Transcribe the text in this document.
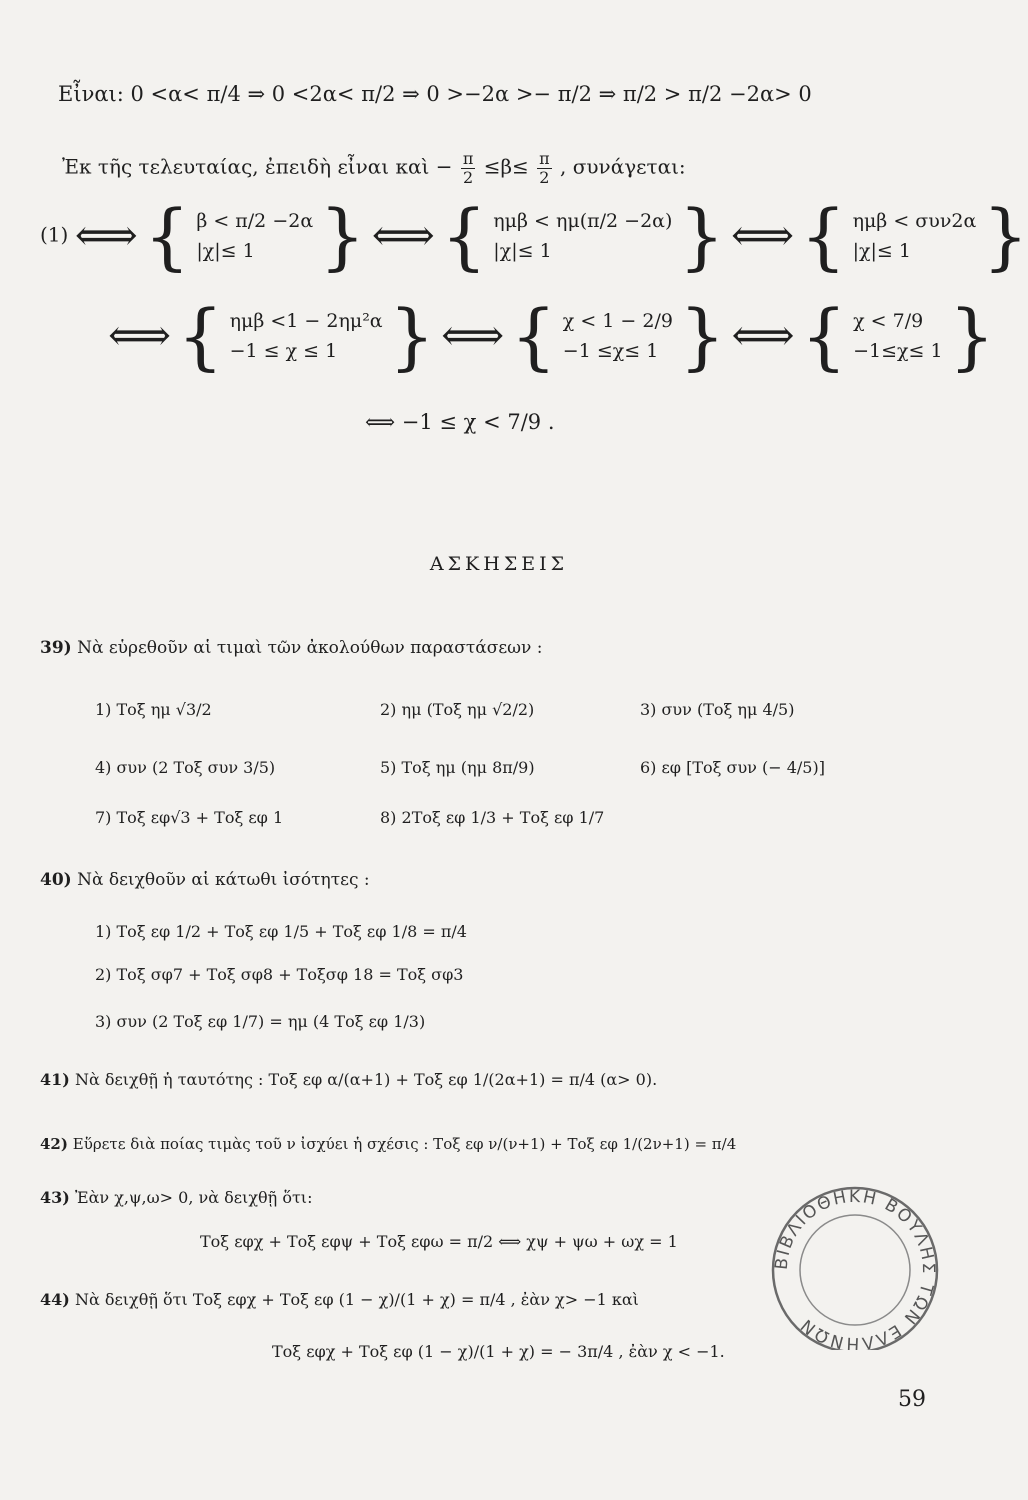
Εἶναι: 0 <α< π/4 ⇒ 0 <2α< π/2 ⇒ 0 >−2α >− π/2 ⇒ π/2 > π/2 −2α> 0
Ἐκ τῆς τελευταίας, ἐπειδὴ εἶναι καὶ − $\frac{\pi}{2} \le\beta\le \frac{\pi}{2}$ , συνάγεται:
(1) ⟺ { β < π/2 −2α
|χ|≤ 1 } ⟺ { ημβ < ημ(π/2 −2α)
|χ|≤ 1	} ⟺ { ημβ < συν2α
|χ|≤ 1 }
⟺ { ημβ <1 − 2ημ²α
−1 ≤ χ ≤ 1 } ⟺ { χ < 1 − 2/9
−1 ≤χ≤ 1 } ⟺ { χ < 7/9
−1≤χ≤ 1 }
⟺ −1 ≤ χ < 7/9 .
ΑΣΚΗΣΕΙΣ
39) Νὰ εὑρεθοῦν αἱ τιμαὶ τῶν ἀκολούθων παραστάσεων :
1) Τοξ ημ √3/2	2) ημ (Τοξ ημ √2/2)	3) συν (Τοξ ημ 4/5)
4) συν (2 Τοξ συν 3/5)	5) Τοξ ημ (ημ 8π/9)	6) εφ [Τοξ συν (− 4/5)]
7) Τοξ εφ√3 + Τοξ εφ 1	8) 2Τοξ εφ 1/3 + Τοξ εφ 1/7
40) Νὰ δειχθοῦν αἱ κάτωθι ἰσότητες :
1) Τοξ εφ 1/2 + Τοξ εφ 1/5 + Τοξ εφ 1/8 = π/4
2) Τοξ σφ7 + Τοξ σφ8 + Τοξσφ 18 = Τοξ σφ3
3) συν (2 Τοξ εφ 1/7) = ημ (4 Τοξ εφ 1/3)
41) Νὰ δειχθῇ ἡ ταυτότης : Τοξ εφ α/(α+1) + Τοξ εφ 1/(2α+1) = π/4 (α> 0).
42) Εὕρετε διὰ ποίας τιμὰς τοῦ ν ἰσχύει ἡ σχέσις : Τοξ εφ ν/(ν+1) + Τοξ εφ 1/(2ν+1) = π/4
43) Ἐὰν χ,ψ,ω> 0, νὰ δειχθῇ ὅτι:
Τοξ εφχ + Τοξ εφψ + Τοξ εφω = π/2 ⟺ χψ + ψω + ωχ = 1
44) Νὰ δειχθῇ ὅτι Τοξ εφχ + Τοξ εφ (1 − χ)/(1 + χ) = π/4 , ἐὰν χ> −1 καὶ
Τοξ εφχ + Τοξ εφ (1 − χ)/(1 + χ) = − 3π/4 , ἐὰν χ < −1.
ΒΙΒΛΙΟΘΗΚΗ ΒΟΥΛΗΣ ΤΩΝ ΕΛΛΗΝΩΝ
59
